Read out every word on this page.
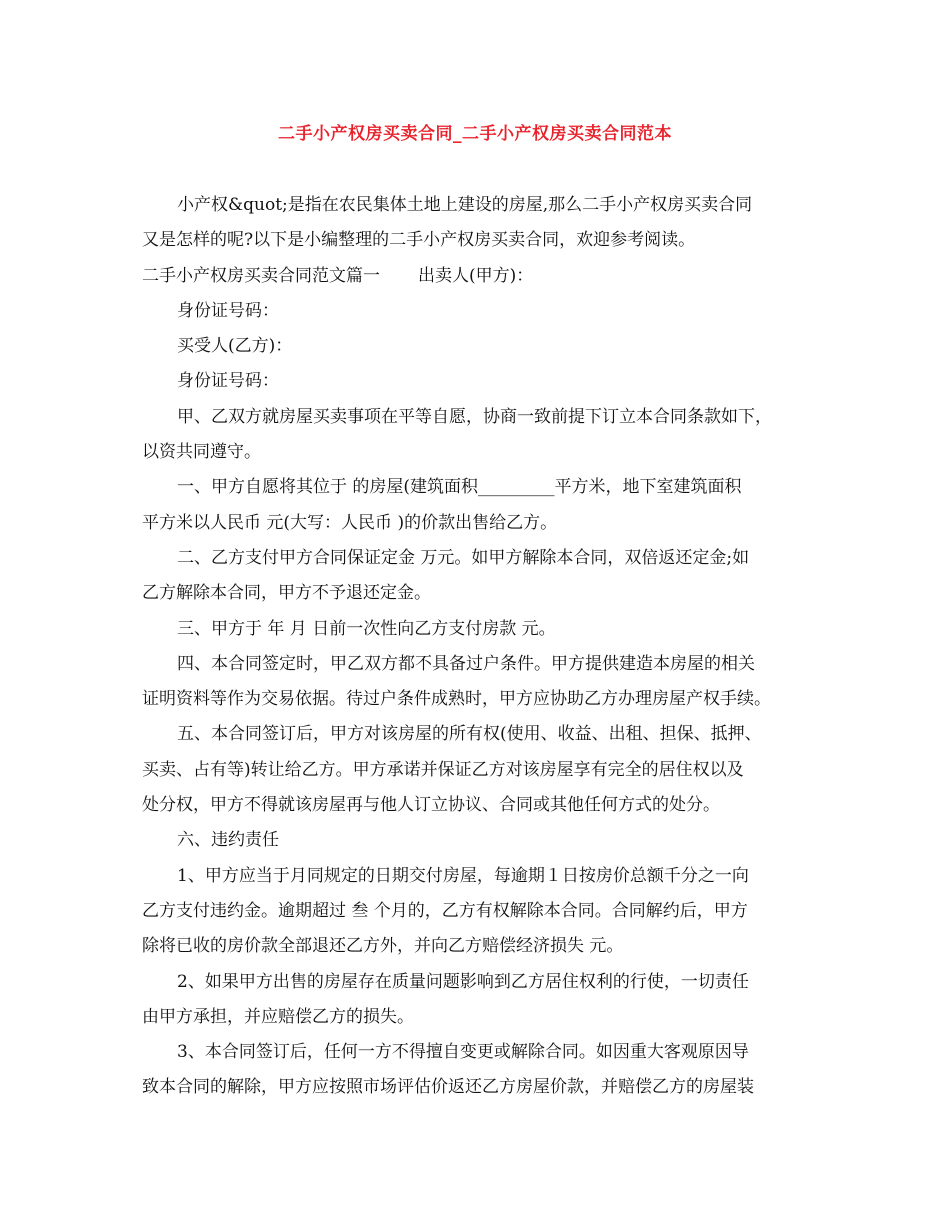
二手小产权房买卖合同_二手小产权房买卖合同范本
小产权&quot;是指在农民集体土地上建设的房屋,那么二手小产权房买卖合同
又是怎样的呢?以下是小编整理的二手小产权房买卖合同，欢迎参考阅读。
二手小产权房买卖合同范文篇一 出卖人(甲方)：
身份证号码：
买受人(乙方)：
身份证号码：
甲、乙双方就房屋买卖事项在平等自愿，协商一致前提下订立本合同条款如下，
以资共同遵守。
一、甲方自愿将其位于 的房屋(建筑面积_________平方米，地下室建筑面积
平方米以人民币 元(大写：人民币 )的价款出售给乙方。
二、乙方支付甲方合同保证定金 万元。如甲方解除本合同，双倍返还定金;如
乙方解除本合同，甲方不予退还定金。
三、甲方于 年 月 日前一次性向乙方支付房款 元。
四、本合同签定时，甲乙双方都不具备过户条件。甲方提供建造本房屋的相关
证明资料等作为交易依据。待过户条件成熟时，甲方应协助乙方办理房屋产权手续。
五、本合同签订后，甲方对该房屋的所有权(使用、收益、出租、担保、抵押、
买卖、占有等)转让给乙方。甲方承诺并保证乙方对该房屋享有完全的居住权以及
处分权，甲方不得就该房屋再与他人订立协议、合同或其他任何方式的处分。
六、违约责任
1、甲方应当于月同规定的日期交付房屋，每逾期１日按房价总额千分之一向
乙方支付违约金。逾期超过 叁 个月的，乙方有权解除本合同。合同解约后，甲方
除将已收的房价款全部退还乙方外，并向乙方赔偿经济损失 元。
2、如果甲方出售的房屋存在质量问题影响到乙方居住权利的行使，一切责任
由甲方承担，并应赔偿乙方的损失。
3、本合同签订后，任何一方不得擅自变更或解除合同。如因重大客观原因导
致本合同的解除，甲方应按照市场评估价返还乙方房屋价款，并赔偿乙方的房屋装
